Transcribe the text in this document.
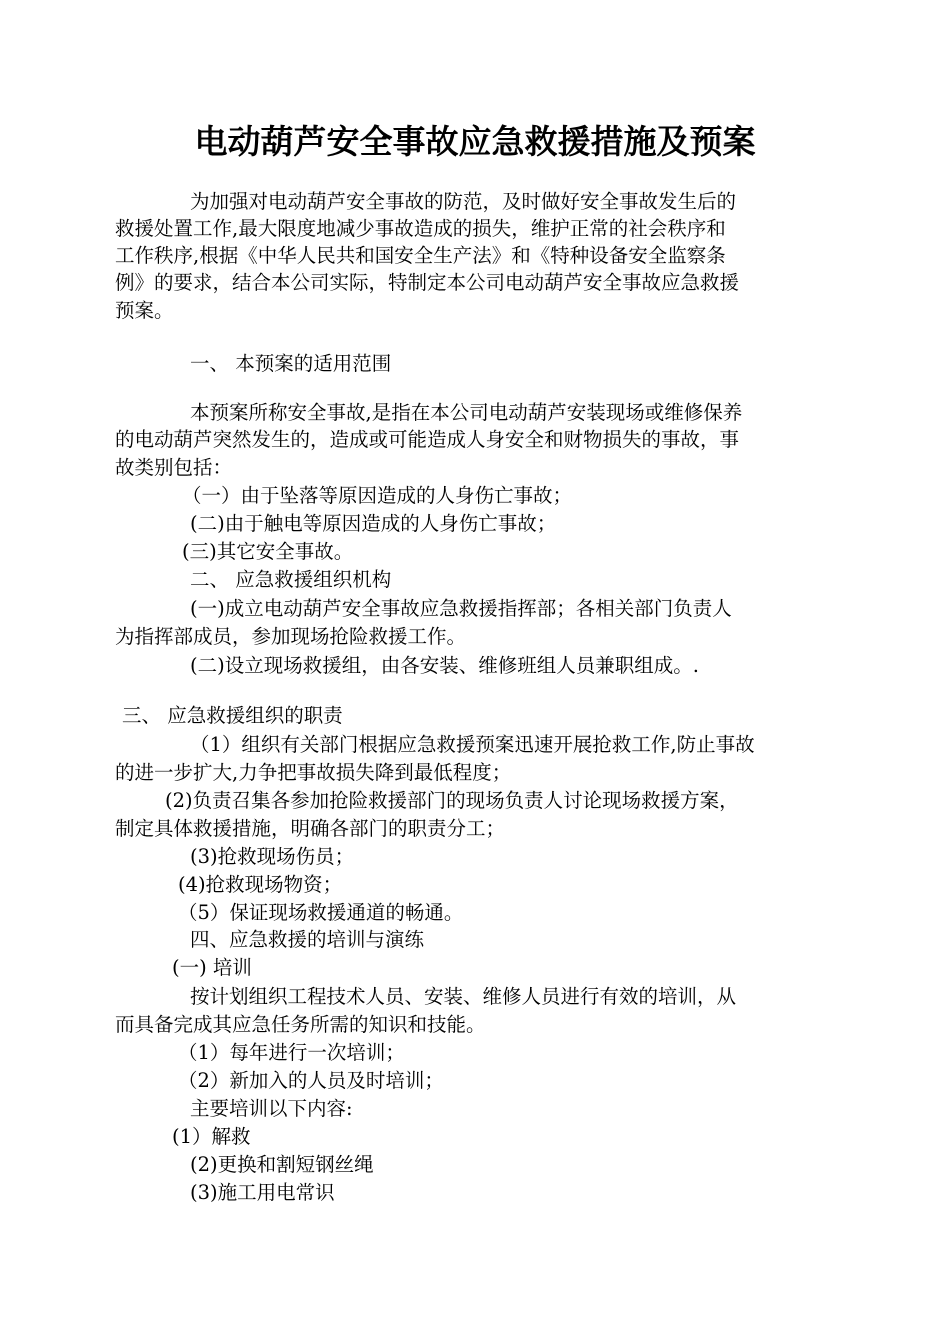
电动葫芦安全事故应急救援措施及预案

为加强对电动葫芦安全事故的防范，及时做好安全事故发生后的

救援处置工作,最大限度地减少事故造成的损失，维护正常的社会秩序和

工作秩序,根据《中华人民共和国安全生产法》和《特种设备安全监察条

例》的要求，结合本公司实际，特制定本公司电动葫芦安全事故应急救援

预案。

一、 本预案的适用范围

本预案所称安全事故,是指在本公司电动葫芦安装现场或维修保养

的电动葫芦突然发生的，造成或可能造成人身安全和财物损失的事故，事

故类别包括：

（一）由于坠落等原因造成的人身伤亡事故；

(二)由于触电等原因造成的人身伤亡事故；

(三)其它安全事故。

二、 应急救援组织机构

(一)成立电动葫芦安全事故应急救援指挥部；各相关部门负责人

为指挥部成员，参加现场抢险救援工作。

(二)设立现场救援组，由各安装、维修班组人员兼职组成。.

三、 应急救援组织的职责

（1）组织有关部门根据应急救援预案迅速开展抢救工作,防止事故

的进一步扩大,力争把事故损失降到最低程度；

(2)负责召集各参加抢险救援部门的现场负责人讨论现场救援方案，

制定具体救援措施，明确各部门的职责分工；

(3)抢救现场伤员；

(4)抢救现场物资；

（5）保证现场救援通道的畅通。

四、应急救援的培训与演练

(一) 培训

按计划组织工程技术人员、安装、维修人员进行有效的培训，从

而具备完成其应急任务所需的知识和技能。

（1）每年进行一次培训；

（2）新加入的人员及时培训；

主要培训以下内容:

(1）解救

(2)更换和割短钢丝绳

(3)施工用电常识
